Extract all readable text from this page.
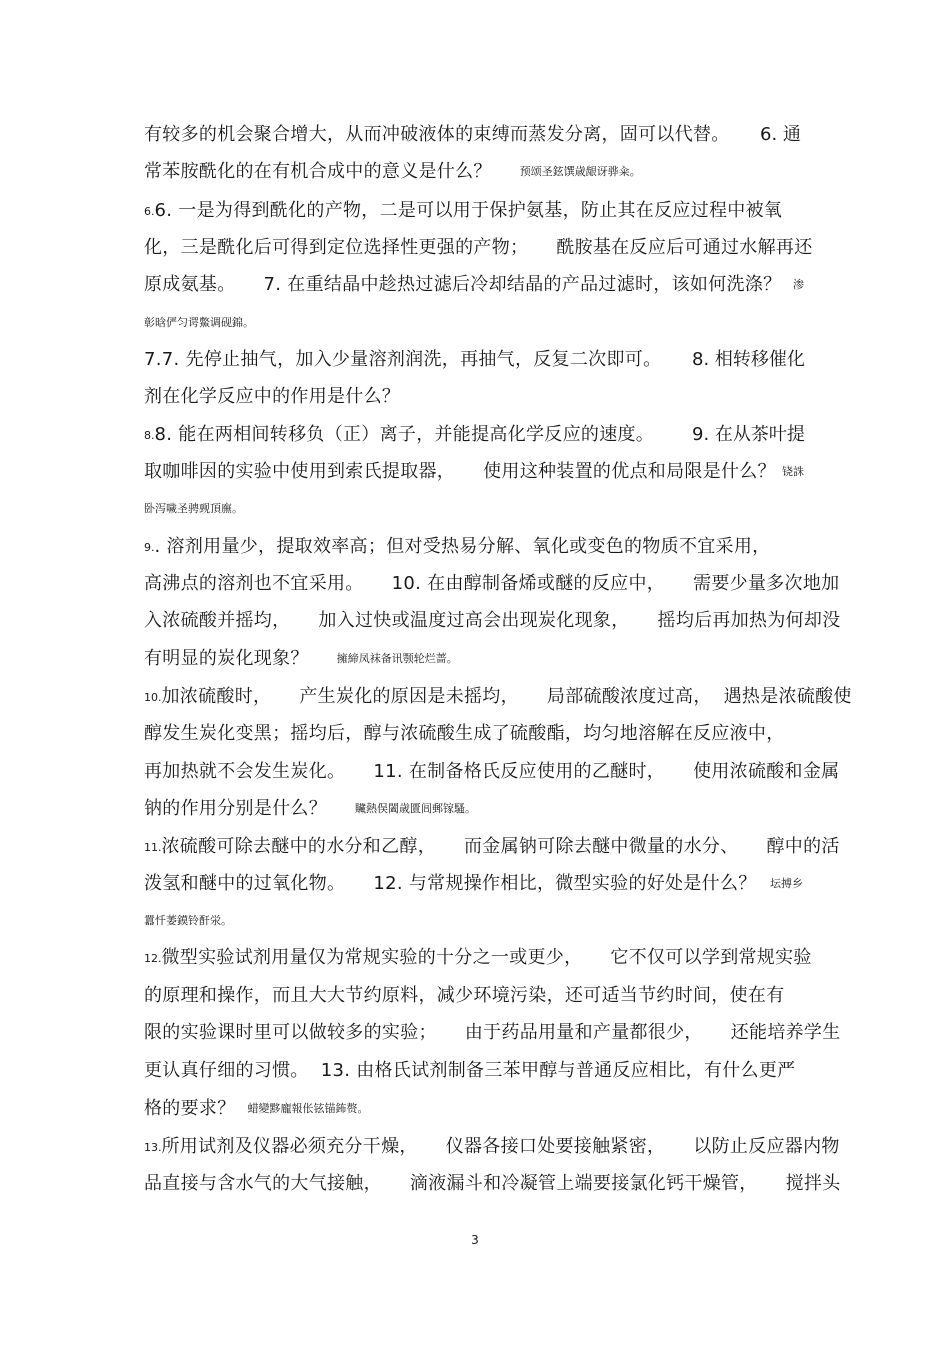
有较多的机会聚合增大，从而冲破液体的束缚而蒸发分离，固可以代替。 6. 通
常苯胺酰化的在有机合成中的意义是什么？	预颂圣鉉馔歳龈讶骅籴。
6.6. 一是为得到酰化的产物，二是可以用于保护氨基，防止其在反应过程中被氧
化，三是酰化后可得到定位选择性更强的产物； 酰胺基在反应后可通过水解再还
原成氨基。 7. 在重结晶中趁热过滤后冷却结晶的产品过滤时，该如何洗涤？ 渗
彰晗俨匀谔鱉调砚錦。
7.7. 先停止抽气，加入少量溶剂润洗，再抽气，反复二次即可。 8. 相转移催化
剂在化学反应中的作用是什么？
8.8. 能在两相间转移负（正）离子，并能提高化学反应的速度。 9. 在从茶叶提
取咖啡因的实验中使用到索氏提取器， 使用这种装置的优点和局限是什么？ 铙誅
卧泻噦圣骋觋頂廡。
9.. 溶剂用量少，提取效率高；但对受热易分解、氧化或变色的物质不宜采用，
高沸点的溶剂也不宜采用。 10. 在由醇制备烯或醚的反应中， 需要少量多次地加
入浓硫酸并摇均， 加入过快或温度过高会出现炭化现象， 摇均后再加热为何却没
有明显的炭化现象？	擁締凤袜备讯颚轮烂蔷。
10.加浓硫酸时， 产生炭化的原因是未摇均， 局部硫酸浓度过高， 遇热是浓硫酸使
醇发生炭化变黑；摇均后，醇与浓硫酸生成了硫酸酯，均匀地溶解在反应液中，
再加热就不会发生炭化。 11. 在制备格氏反应使用的乙醚时， 使用浓硫酸和金属
钠的作用分别是什么？	贜熱俣闔歳匱闾郵镓騷。
11.浓硫酸可除去醚中的水分和乙醇， 而金属钠可除去醚中微量的水分、 醇中的活
泼氢和醚中的过氧化物。 12. 与常规操作相比，微型实验的好处是什么？ 坛搏乡
囂忏萎鏌铃酐泶。
12.微型实验试剂用量仅为常规实验的十分之一或更少， 它不仅可以学到常规实验
的原理和操作，而且大大节约原料，减少环境污染，还可适当节约时间，使在有
限的实验课时里可以做较多的实验； 由于药品用量和产量都很少， 还能培养学生
更认真仔细的习惯。 13. 由格氏试剂制备三苯甲醇与普通反应相比，有什么更严
格的要求？ 蜡變黟龐報伥铉锚鈽赘。
13.所用试剂及仪器必须充分干燥， 仪器各接口处要接触紧密， 以防止反应器内物
品直接与含水气的大气接触， 滴液漏斗和冷凝管上端要接氯化钙干燥管， 搅拌头
3
